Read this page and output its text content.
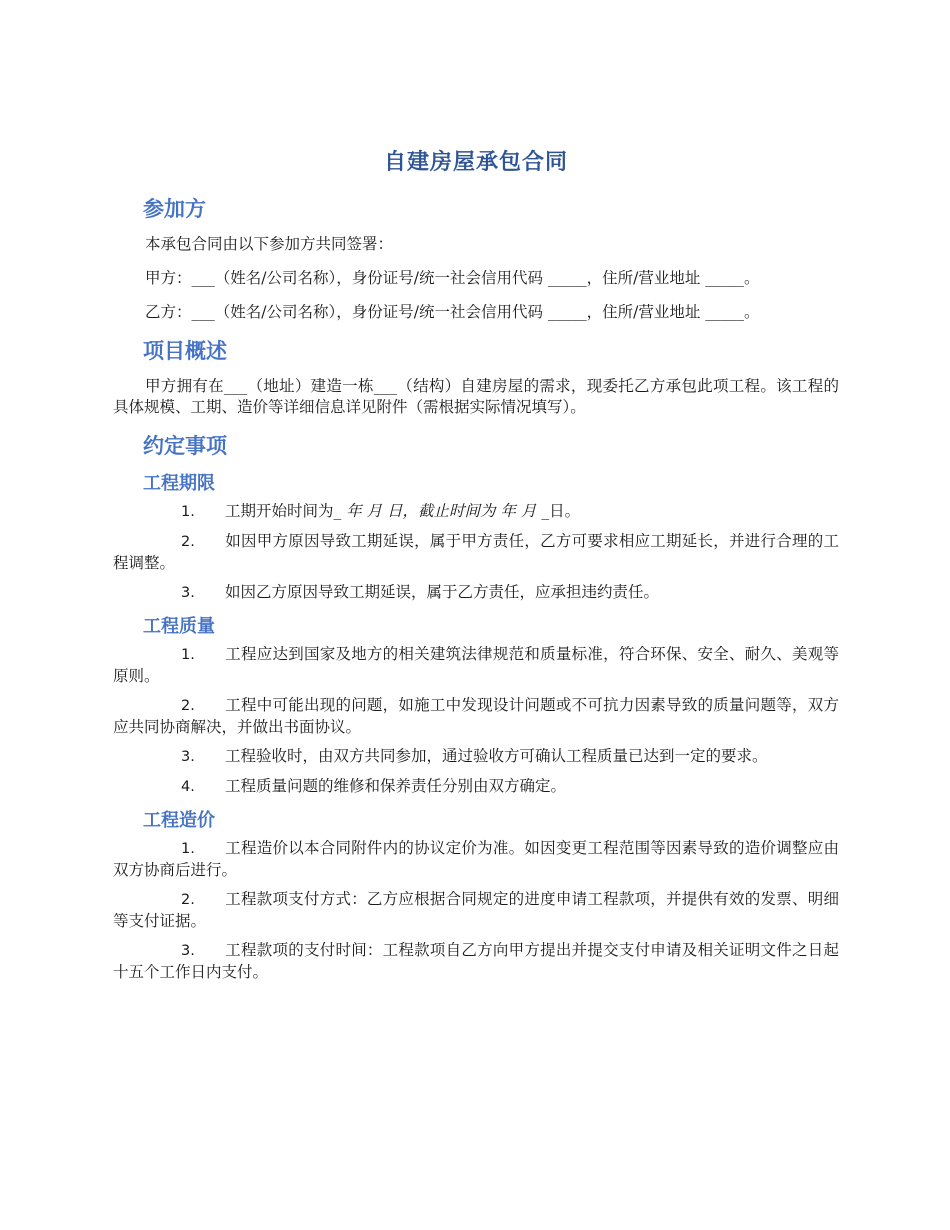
自建房屋承包合同
参加方

本承包合同由以下参加方共同签署：

甲方：___（姓名/公司名称），身份证号/统一社会信用代码 _____，住所/营业地址 _____。

乙方：___（姓名/公司名称），身份证号/统一社会信用代码 _____，住所/营业地址 _____。

项目概述

甲方拥有在___（地址）建造一栋___（结构）自建房屋的需求，现委托乙方承包此项工程。该工程的具体规模、工期、造价等详细信息详见附件（需根据实际情况填写）。

约定事项
工程期限
1. 工期开始时间为_ 年 月 日，截止时间为 年 月 _日。
2. 如因甲方原因导致工期延误，属于甲方责任，乙方可要求相应工期延长，并进行合理的工程调整。
3. 如因乙方原因导致工期延误，属于乙方责任，应承担违约责任。
工程质量
1. 工程应达到国家及地方的相关建筑法律规范和质量标准，符合环保、安全、耐久、美观等原则。
2. 工程中可能出现的问题，如施工中发现设计问题或不可抗力因素导致的质量问题等，双方应共同协商解决，并做出书面协议。
3. 工程验收时，由双方共同参加，通过验收方可确认工程质量已达到一定的要求。
4. 工程质量问题的维修和保养责任分别由双方确定。
工程造价
1. 工程造价以本合同附件内的协议定价为准。如因变更工程范围等因素导致的造价调整应由双方协商后进行。
2. 工程款项支付方式：乙方应根据合同规定的进度申请工程款项，并提供有效的发票、明细等支付证据。
3. 工程款项的支付时间：工程款项自乙方向甲方提出并提交支付申请及相关证明文件之日起十五个工作日内支付。
